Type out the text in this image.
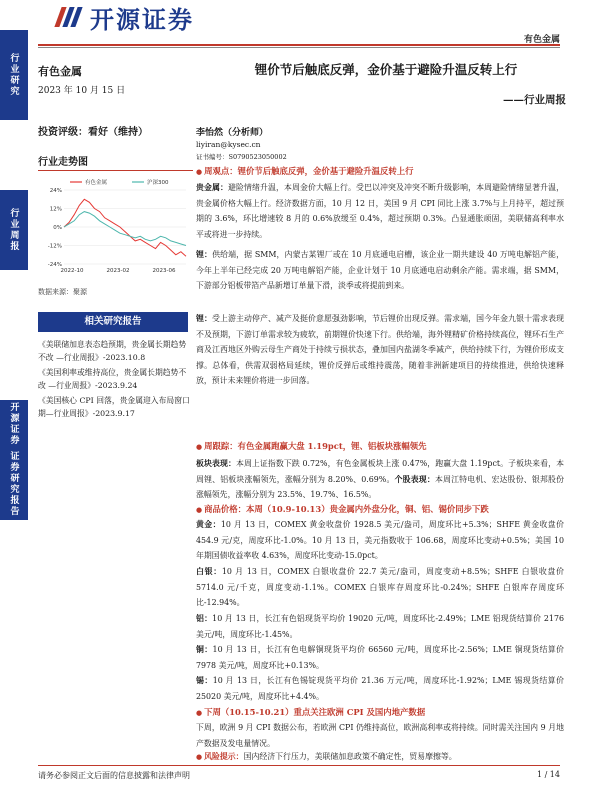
开源证券
有色金属
行业研究
行业周报
开源证券 证券研究报告
有色金属
2023 年 10 月 15 日
投资评级：看好（维持）
行业走势图
-24%
-12%
0%
12%
24%
2022-10	2023-02	2023-06
有色金属	沪深300
数据来源：聚源
相关研究报告
《美联储加息表态趋预期，贵金属长期趋势不改 —行业周报》-2023.10.8
《美国利率或维持高位，贵金属长期趋势不改 —行业周报》-2023.9.24
《美国核心 CPI 回落，贵金属迎入布局窗口期—行业周报》-2023.9.17
锂价节后触底反弹，金价基于避险升温反转上行
——行业周报
李怡然（分析师）
liyiran@kysec.cn
证书编号：S0790523050002
● 周观点：锂价节后触底反弹，金价基于避险升温反转上行
贵金属：避险情绪升温，本周金价大幅上行。受巴以冲突及冲突不断升级影响，本周避险情绪显著升温，贵金属价格大幅上行。经济数据方面，10 月 12 日，美国 9 月 CPI 同比上涨 3.7%与上月持平，超过预期的 3.6%，环比增速较 8 月的 0.6%放缓至 0.4%，超过预期 0.3%。凸显通胀顽固，美联储高利率水平或将进一步持续。
锂：供给端，据 SMM，内蒙古某锂厂或在 10 月底通电启槽，该企业一期共建设 40 万吨电解铝产能，今年上半年已经完成 20 万吨电解铝产能，企业计划于 10 月底通电启动剩余产能。需求端，据 SMM，下游部分铝板带箔产品新增订单量下滑，淡季或将提前到来。
锂：受上游主动停产、减产及挺价意愿强劲影响，节后锂价出现反弹。需求端，国今年金九银十需求表现不及预期，下游订单需求较为疲软，前期锂价快速下行。供给端，海外锂精矿价格持续高位，锂环石生产商及江西地区外购云母生产商处于持续亏损状态，叠加国内盐湖冬季减产，供给持续下行，为锂价形成支撑。总体看，供需双弱格局延续，锂价反弹后或维持震荡，随着非洲新建项目的持续推进，供给快速释放，预计未来锂价将进一步回落。
● 周跟踪：有色金属跑赢大盘 1.19pct，锂、铝板块涨幅领先
板块表现：本周上证指数下跌 0.72%，有色金属板块上涨 0.47%，跑赢大盘 1.19pct。子板块来看，本周锂、铝板块涨幅领先，涨幅分别为 8.20%、0.69%。个股表现：本周江特电机、宏达股份、银邦股份涨幅领先，涨幅分别为 23.5%、19.7%、16.5%。
● 商品价格：本周（10.9-10.13）贵金属内外盘分化，铜、铝、锡价同步下跌
黄金：10 月 13 日，COMEX 黄金收盘价 1928.5 美元/盎司，周度环比+5.3%；SHFE 黄金收盘价 454.9 元/克，周度环比-1.0%。10 月 13 日，美元指数收于 106.68，周度环比变动+0.5%；美国 10 年期国债收益率收 4.63%，周度环比变动-15.0pct。
白银：10 月 13 日，COMEX 白银收盘价 22.7 美元/盎司，周度变动+8.5%；SHFE 白银收盘价 5714.0 元/千克，周度变动-1.1%。COMEX 白银库存周度环比-0.24%；SHFE 白银库存周度环比-12.94%。
铝：10 月 13 日，长江有色铝现货平均价 19020 元/吨，周度环比-2.49%；LME 铝现货结算价 2176 美元/吨，周度环比-1.45%。
铜：10 月 13 日，长江有色电解铜现货平均价 66560 元/吨，周度环比-2.56%；LME 铜现货结算价 7978 美元/吨，周度环比+0.13%。
锡：10 月 13 日，长江有色锡锭现货平均价 21.36 万元/吨，周度环比-1.92%；LME 锡现货结算价 25020 美元/吨，周度环比+4.4%。
● 下周（10.15-10.21）重点关注欧洲 CPI 及国内地产数据
下周，欧洲 9 月 CPI 数据公布，若欧洲 CPI 仍维持高位，欧洲高利率或将持续。同时需关注国内 9 月地产数据及发电量情况。
● 风险提示：国内经济下行压力，美联储加息政策不确定性，贸易摩擦等。
请务必参阅正文后面的信息披露和法律声明	1 / 14
